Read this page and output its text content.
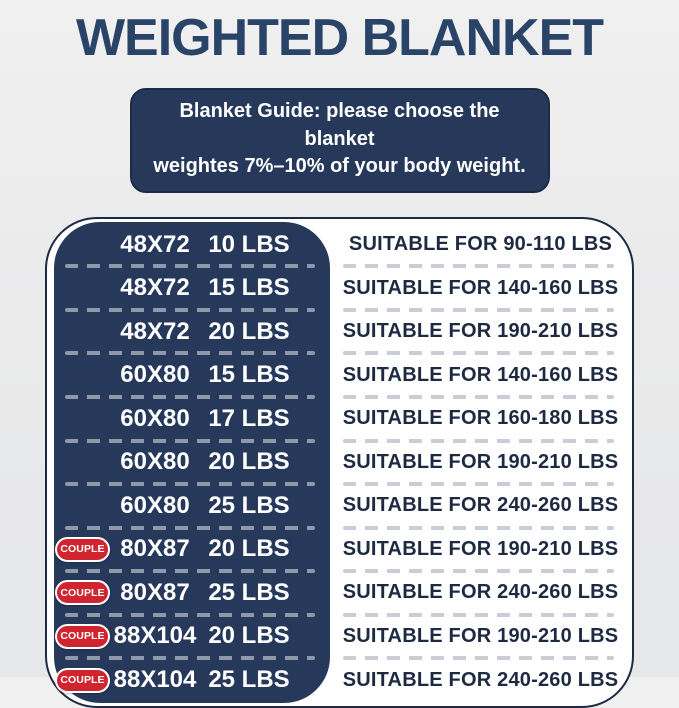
WEIGHTED BLANKET
Blanket Guide: please choose the blanket
weightes 7%–10% of your body weight.
48X72 10 LBS	SUITABLE FOR 90-110 LBS
48X72 15 LBS	SUITABLE FOR 140-160 LBS
48X72 20 LBS	SUITABLE FOR 190-210 LBS
60X80 15 LBS	SUITABLE FOR 140-160 LBS
60X80 17 LBS	SUITABLE FOR 160-180 LBS
60X80 20 LBS	SUITABLE FOR 190-210 LBS
60X80 25 LBS	SUITABLE FOR 240-260 LBS
COUPLE 80X87 20 LBS	SUITABLE FOR 190-210 LBS
COUPLE 80X87 25 LBS	SUITABLE FOR 240-260 LBS
COUPLE 88X104 20 LBS	SUITABLE FOR 190-210 LBS
COUPLE 88X104 25 LBS	SUITABLE FOR 240-260 LBS
